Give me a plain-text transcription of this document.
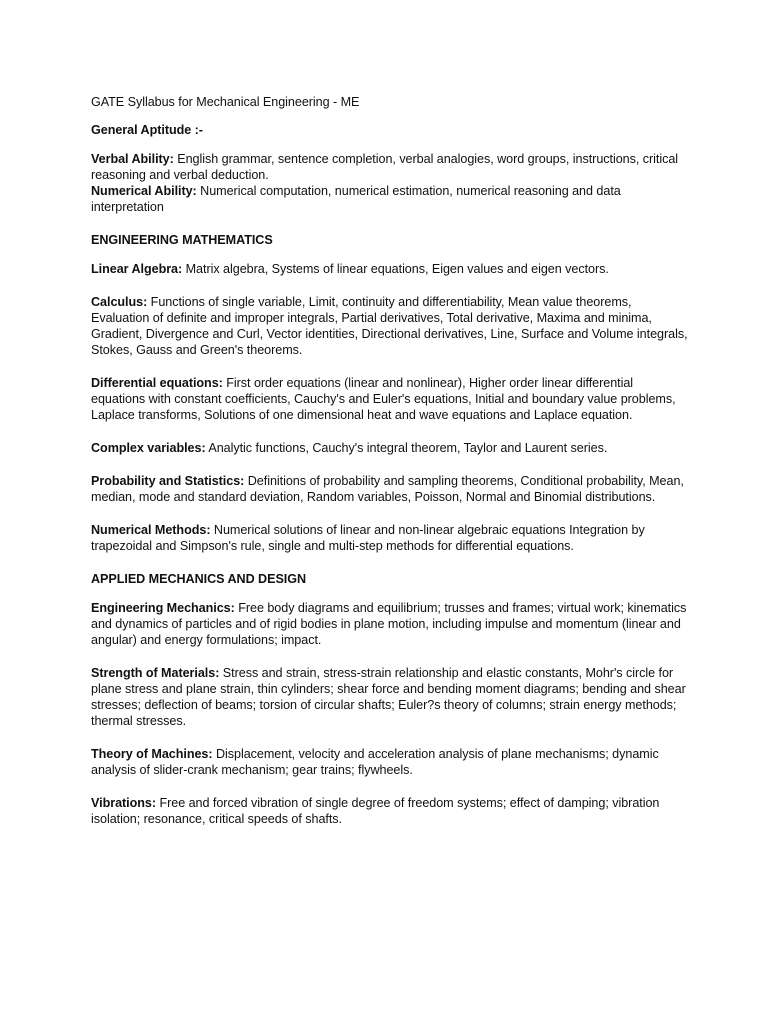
GATE Syllabus for Mechanical Engineering - ME
General Aptitude :-
Verbal Ability: English grammar, sentence completion, verbal analogies, word groups, instructions, critical reasoning and verbal deduction.
Numerical Ability: Numerical computation, numerical estimation, numerical reasoning and data interpretation
ENGINEERING MATHEMATICS
Linear Algebra: Matrix algebra, Systems of linear equations, Eigen values and eigen vectors.
Calculus: Functions of single variable, Limit, continuity and differentiability, Mean value theorems, Evaluation of definite and improper integrals, Partial derivatives, Total derivative, Maxima and minima, Gradient, Divergence and Curl, Vector identities, Directional derivatives, Line, Surface and Volume integrals, Stokes, Gauss and Green's theorems.
Differential equations: First order equations (linear and nonlinear), Higher order linear differential equations with constant coefficients, Cauchy's and Euler's equations, Initial and boundary value problems, Laplace transforms, Solutions of one dimensional heat and wave equations and Laplace equation.
Complex variables: Analytic functions, Cauchy's integral theorem, Taylor and Laurent series.
Probability and Statistics: Definitions of probability and sampling theorems, Conditional probability, Mean, median, mode and standard deviation, Random variables, Poisson, Normal and Binomial distributions.
Numerical Methods: Numerical solutions of linear and non-linear algebraic equations Integration by trapezoidal and Simpson's rule, single and multi-step methods for differential equations.
APPLIED MECHANICS AND DESIGN
Engineering Mechanics: Free body diagrams and equilibrium; trusses and frames; virtual work; kinematics and dynamics of particles and of rigid bodies in plane motion, including impulse and momentum (linear and angular) and energy formulations; impact.
Strength of Materials: Stress and strain, stress-strain relationship and elastic constants, Mohr's circle for plane stress and plane strain, thin cylinders; shear force and bending moment diagrams; bending and shear stresses; deflection of beams; torsion of circular shafts; Euler?s theory of columns; strain energy methods; thermal stresses.
Theory of Machines: Displacement, velocity and acceleration analysis of plane mechanisms; dynamic analysis of slider-crank mechanism; gear trains; flywheels.
Vibrations: Free and forced vibration of single degree of freedom systems; effect of damping; vibration isolation; resonance, critical speeds of shafts.
